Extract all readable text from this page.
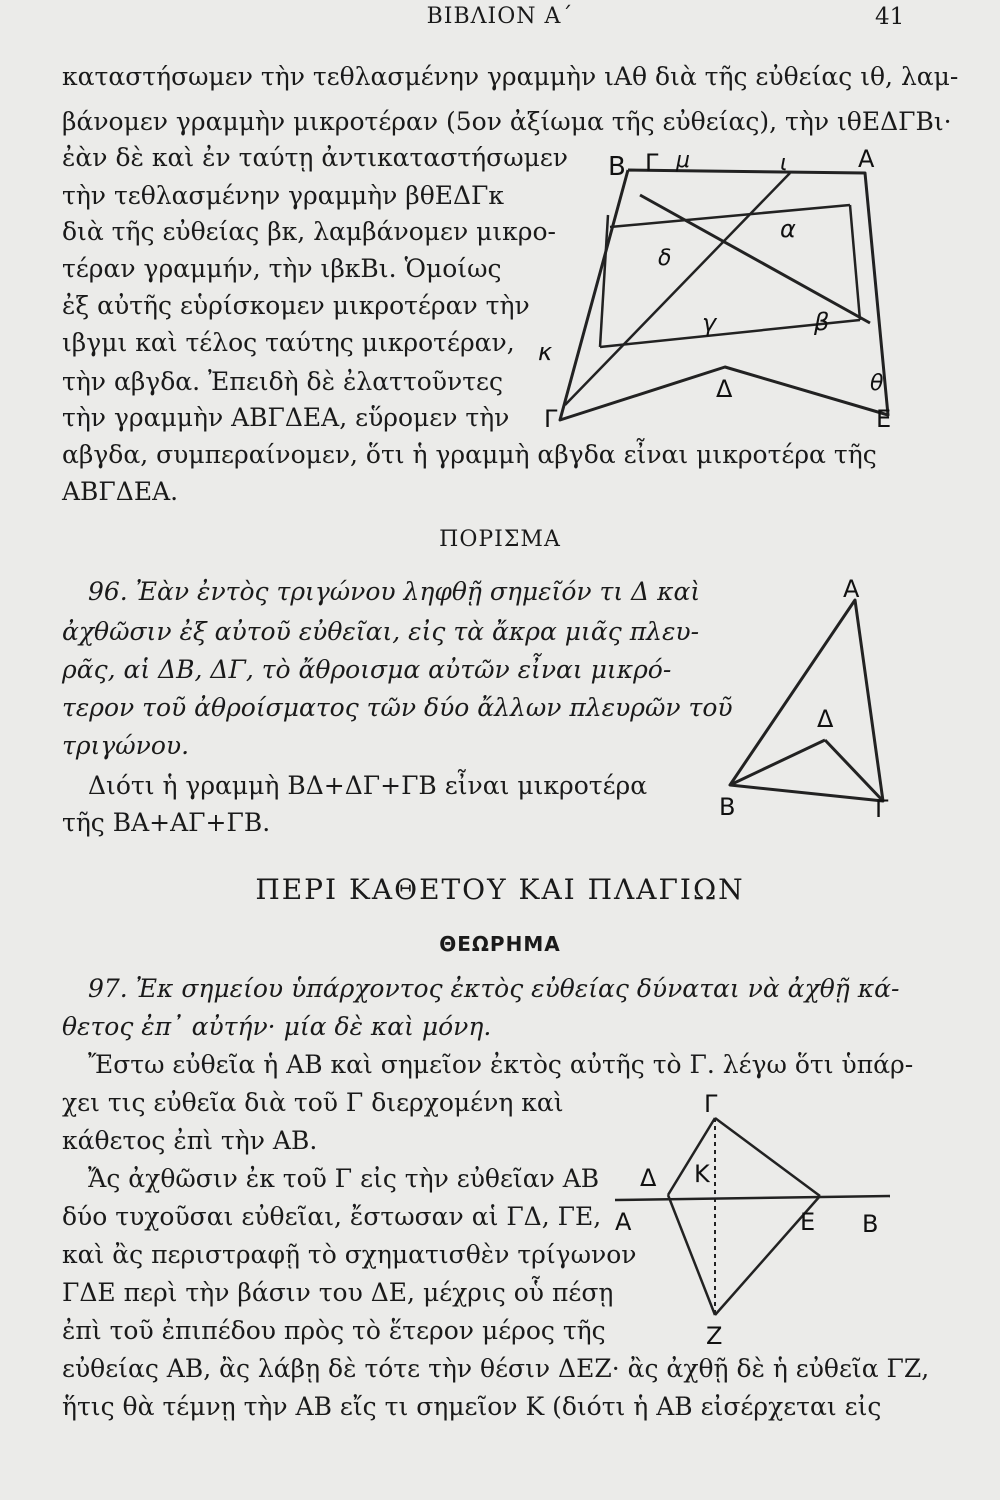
ΒΙΒΛΙΟΝ Α΄	41
καταστήσωμεν τὴν τεθλασμένην γραμμὴν ιΑθ διὰ τῆς εὐθείας ιθ, λαμ-
βάνομεν γραμμὴν μικροτέραν (5ον ἀξίωμα τῆς εὐθείας), τὴν ιθΕΔΓΒι·
ἐὰν δὲ καὶ ἐν ταύτῃ ἀντικαταστήσωμεν
τὴν τεθλασμένην γραμμὴν βθΕΔΓκ
διὰ τῆς εὐθείας βκ, λαμβάνομεν μικρο-
τέραν γραμμήν, τὴν ιβκΒι. Ὁμοίως
ἐξ αὐτῆς εὑρίσκομεν μικροτέραν τὴν
ιβγμι καὶ τέλος ταύτης μικροτέραν,
τὴν αβγδα. Ἐπειδὴ δὲ ἐλαττοῦντες
τὴν γραμμὴν ΑΒΓΔΕΑ, εὕρομεν τὴν
αβγδα, συμπεραίνομεν, ὅτι ἡ γραμμὴ αβγδα εἶναι μικροτέρα τῆς
ΑΒΓΔΕΑ.
Β Γ μ	ι	Α
α
δ
γ	β
κ
Δ	θ
Γ	Ε
ΠΟΡΙΣΜΑ
96. Ἐὰν ἐντὸς τριγώνου ληφθῇ σημεῖόν τι Δ καὶ
ἀχθῶσιν ἐξ αὐτοῦ εὐθεῖαι, εἰς τὰ ἄκρα μιᾶς πλευ-
ρᾶς, αἱ ΔΒ, ΔΓ, τὸ ἄθροισμα αὐτῶν εἶναι μικρό-
τερον τοῦ ἀθροίσματος τῶν δύο ἄλλων πλευρῶν τοῦ
τριγώνου.
Διότι ἡ γραμμὴ ΒΔ+ΔΓ+ΓΒ εἶναι μικροτέρα
τῆς ΒΑ+ΑΓ+ΓΒ.
Α
Δ
Β	Γ
ΠΕΡΙ ΚΑΘΕΤΟΥ ΚΑΙ ΠΛΑΓΙΩΝ
ΘΕΩΡΗΜΑ
97. Ἐκ σημείου ὑπάρχοντος ἐκτὸς εὐθείας δύναται νὰ ἀχθῇ κά-
θετος ἐπ᾽ αὐτήν· μία δὲ καὶ μόνη.
Ἔστω εὐθεῖα ἡ ΑΒ καὶ σημεῖον ἐκτὸς αὐτῆς τὸ Γ. λέγω ὅτι ὑπάρ-
χει τις εὐθεῖα διὰ τοῦ Γ διερχομένη καὶ
κάθετος ἐπὶ τὴν ΑΒ.
Ἄς ἀχθῶσιν ἐκ τοῦ Γ εἰς τὴν εὐθεῖαν ΑΒ
δύο τυχοῦσαι εὐθεῖαι, ἔστωσαν αἱ ΓΔ, ΓΕ,
καὶ ἂς περιστραφῇ τὸ σχηματισθὲν τρίγωνον
ΓΔΕ περὶ τὴν βάσιν του ΔΕ, μέχρις οὗ πέσῃ
ἐπὶ τοῦ ἐπιπέδου πρὸς τὸ ἕτερον μέρος τῆς
εὐθείας ΑΒ, ἂς λάβῃ δὲ τότε τὴν θέσιν ΔΕΖ· ἂς ἀχθῇ δὲ ἡ εὐθεῖα ΓΖ,
ἥτις θὰ τέμνῃ τὴν ΑΒ εἴς τι σημεῖον Κ (διότι ἡ ΑΒ εἰσέρχεται εἰς
Γ
Δ Κ
Α	Ε Β
Ζ
